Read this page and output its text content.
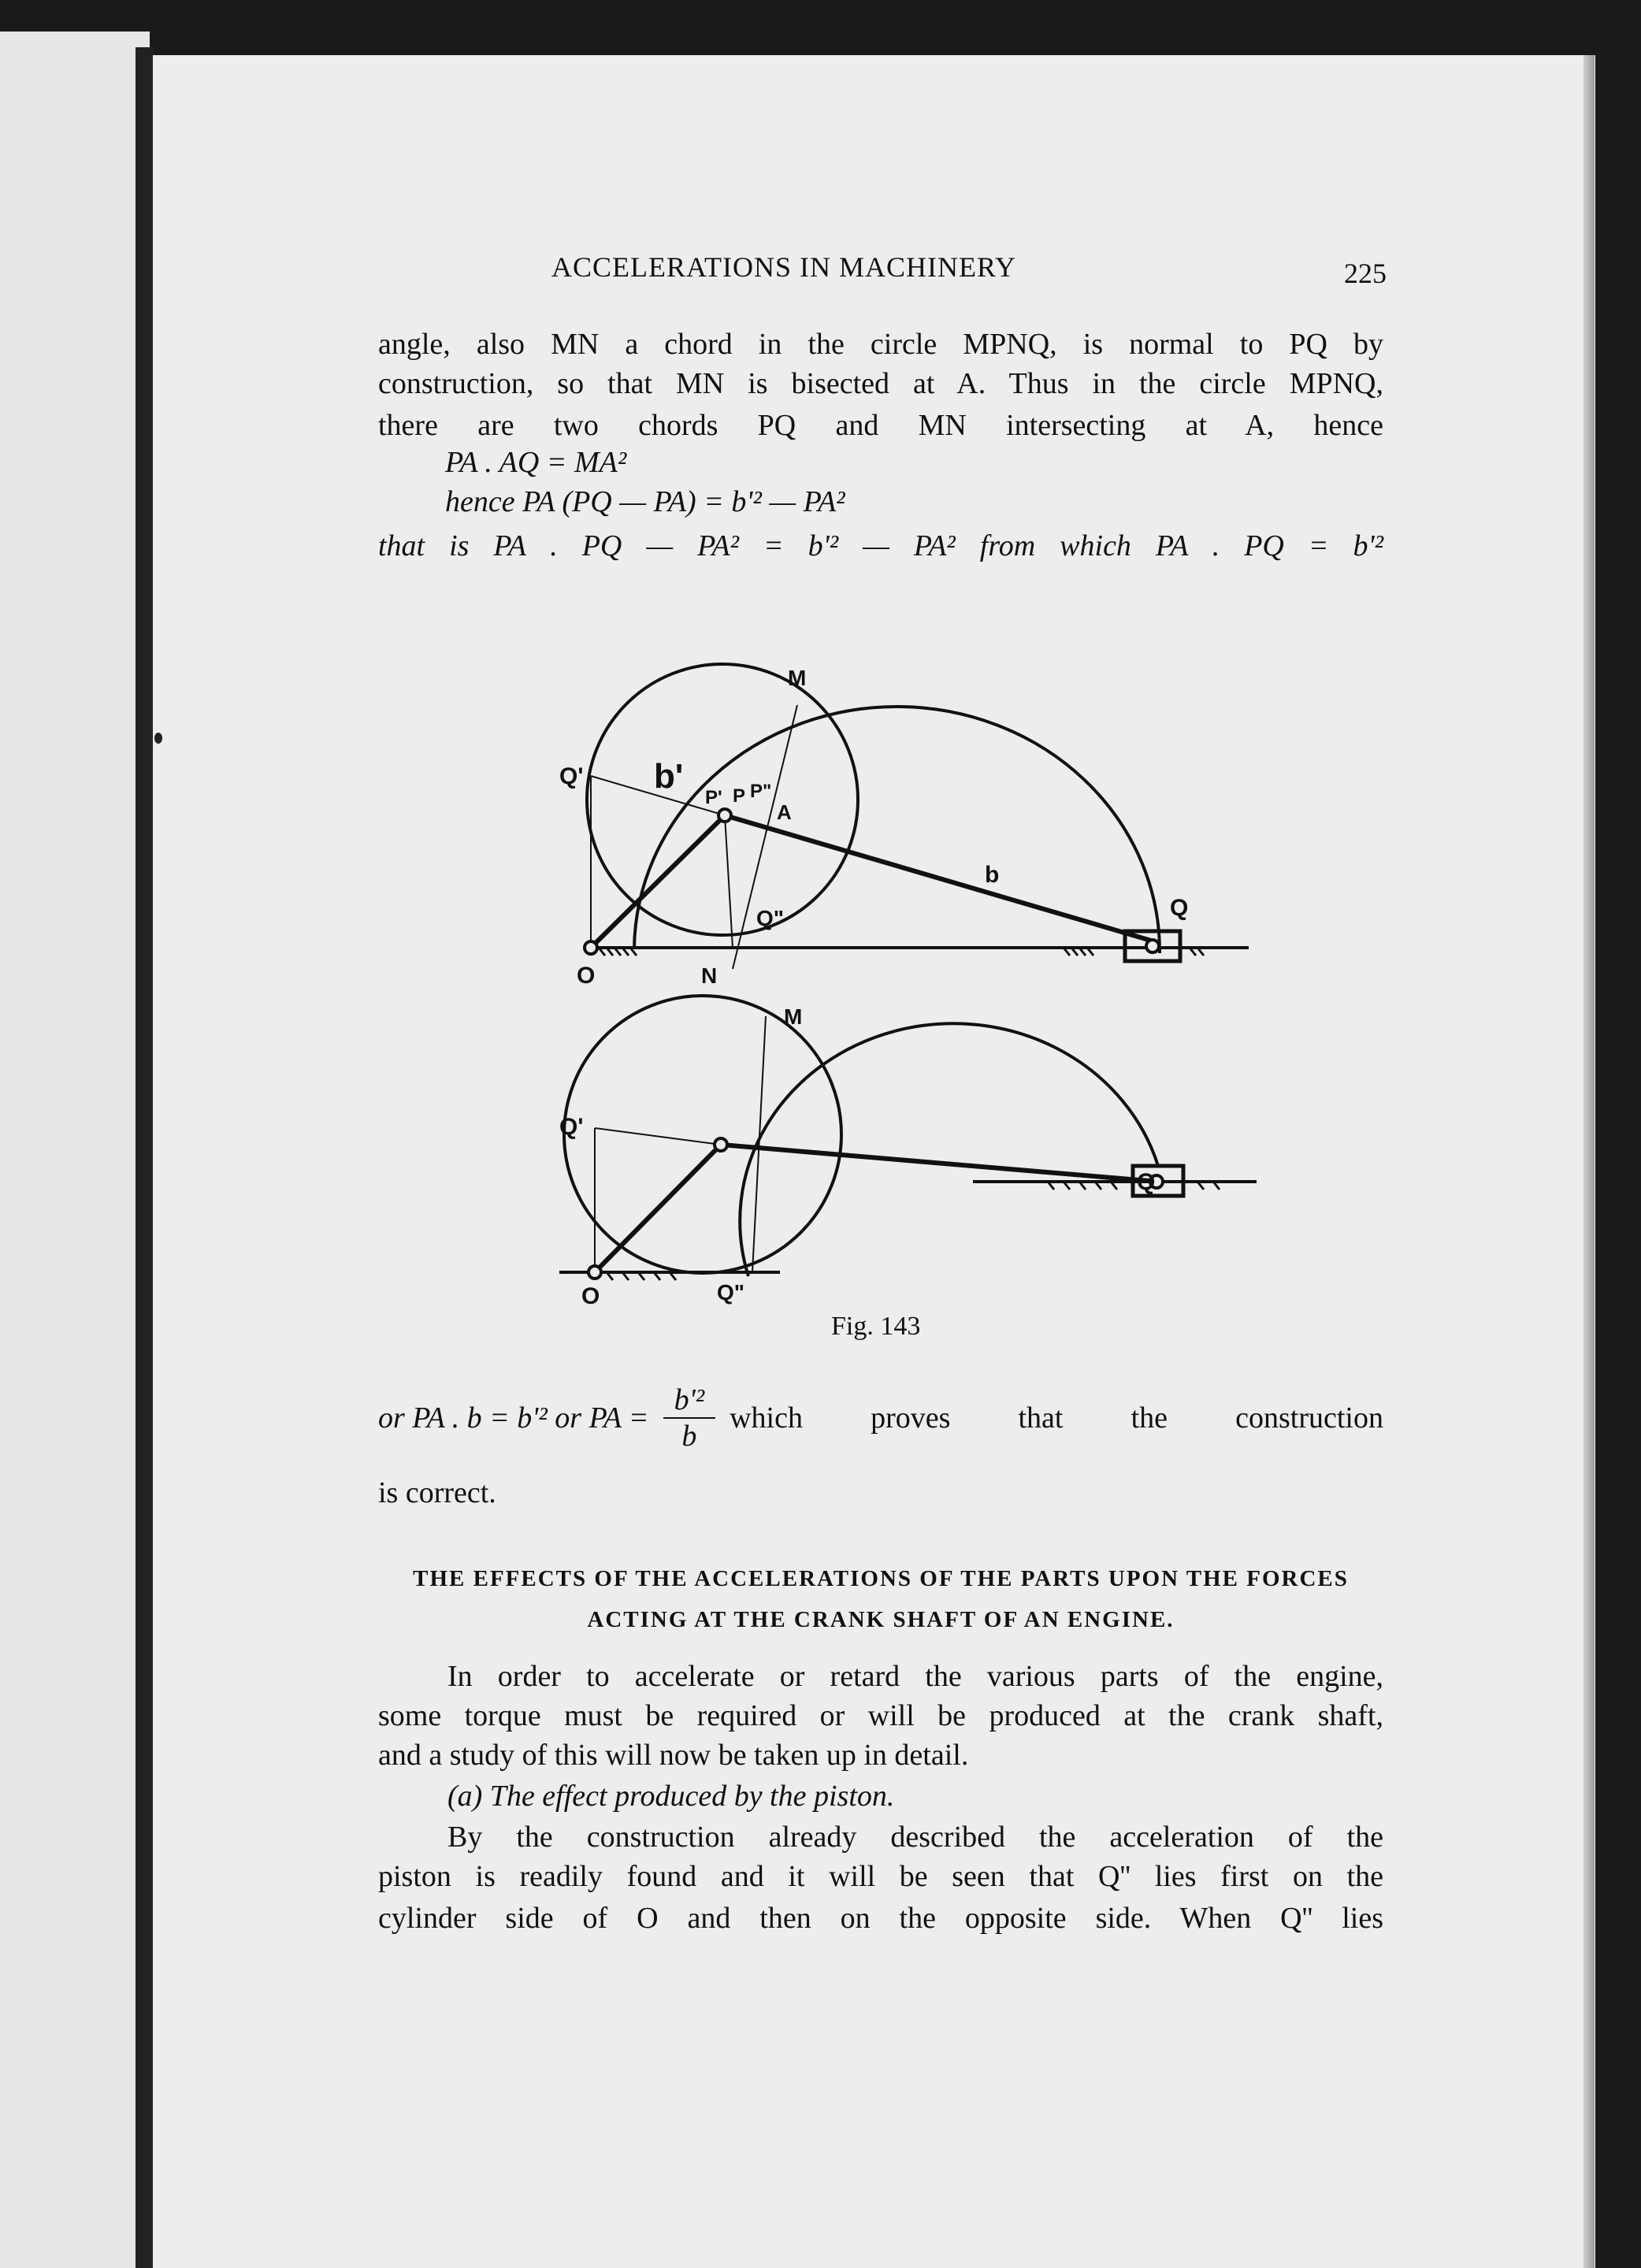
ACCELERATIONS IN MACHINERY	225
angle, also MN a chord in the circle MPNQ, is normal to PQ by
construction, so that MN is bisected at A. Thus in the circle MPNQ,
there are two chords PQ and MN intersecting at A, hence
PA . AQ = MA²
hence PA (PQ — PA) = b'² — PA²
that is PA . PQ — PA² = b'² — PA² from which PA . PQ = b'²
M
Q' b'
P' P P"
A
b
Q
Q"
O	N
M
Q'
Q
O	Q"
Fig. 143
or PA . b = b'² or PA = $\frac{\text{b'²}}{b}$ which proves that the construction
is correct.
THE EFFECTS OF THE ACCELERATIONS OF THE PARTS UPON THE FORCES
ACTING AT THE CRANK SHAFT OF AN ENGINE.
In order to accelerate or retard the various parts of the engine,
some torque must be required or will be produced at the crank shaft,
and a study of this will now be taken up in detail.
(a) The effect produced by the piston.
By the construction already described the acceleration of the
piston is readily found and it will be seen that Q'' lies first on the
cylinder side of O and then on the opposite side. When Q'' lies
